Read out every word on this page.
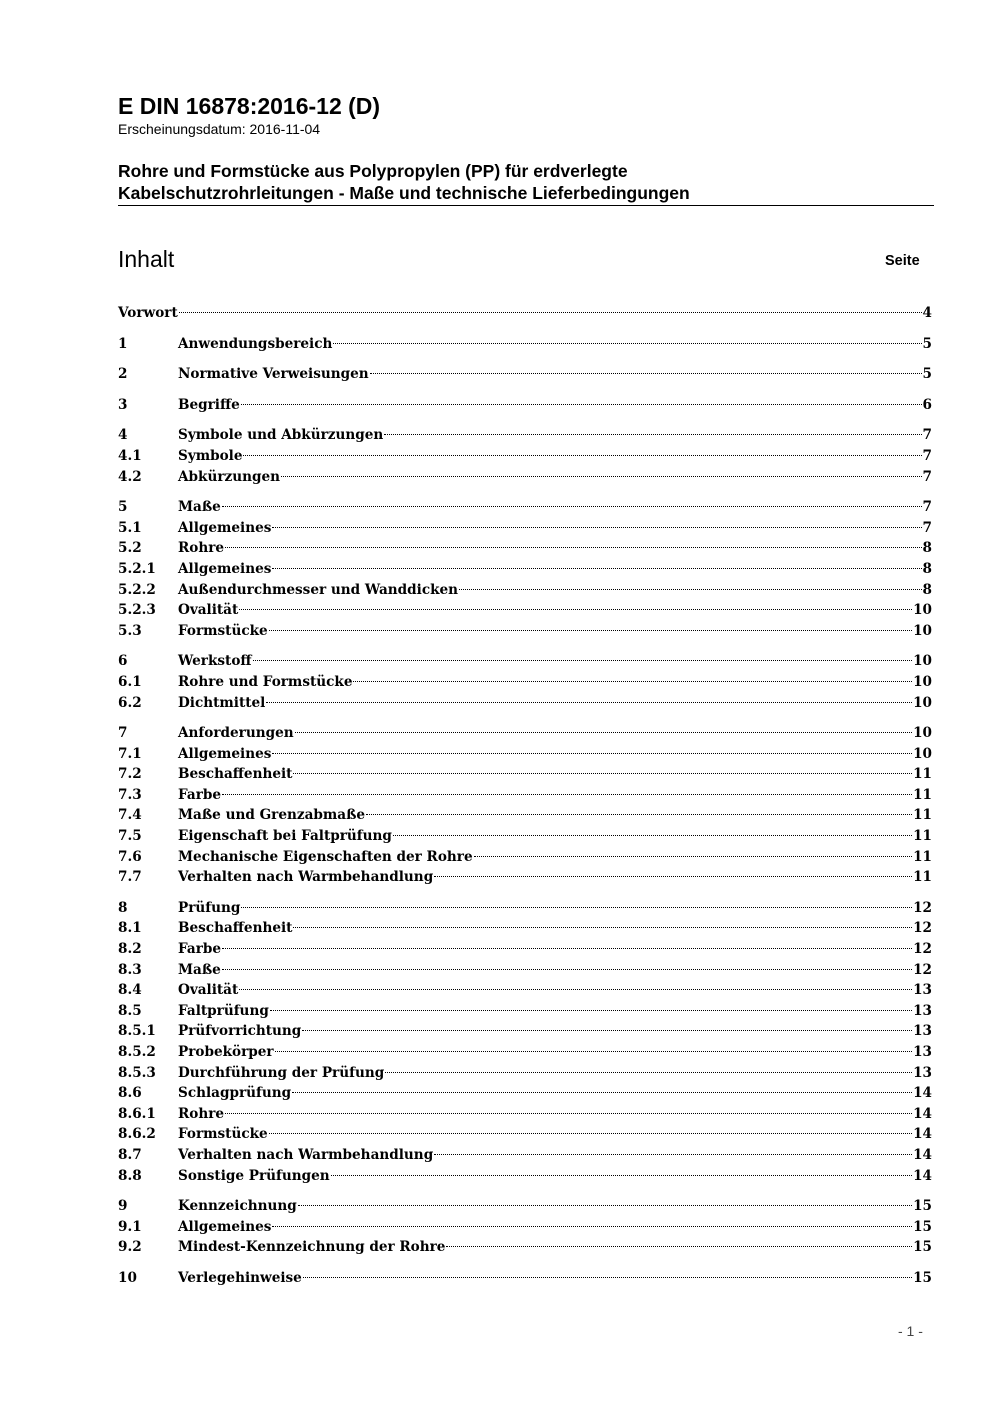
E DIN 16878:2016-12 (D)
Erscheinungsdatum: 2016-11-04
Rohre und Formstücke aus Polypropylen (PP) für erdverlegte
Kabelschutzrohrleitungen - Maße und technische Lieferbedingungen
Inhalt	Seite
Vorwort	4
1	Anwendungsbereich	5
2	Normative Verweisungen	5
3	Begriffe	6
4	Symbole und Abkürzungen	7
4.1	Symbole	7
4.2	Abkürzungen	7
5	Maße	7
5.1	Allgemeines	7
5.2	Rohre	8
5.2.1 Allgemeines	8
5.2.2 Außendurchmesser und Wanddicken	8
5.2.3 Ovalität	10
5.3	Formstücke	10
6	Werkstoff	10
6.1	Rohre und Formstücke	10
6.2	Dichtmittel	10
7	Anforderungen	10
7.1	Allgemeines	10
7.2	Beschaffenheit	11
7.3	Farbe	11
7.4	Maße und Grenzabmaße	11
7.5	Eigenschaft bei Faltprüfung	11
7.6	Mechanische Eigenschaften der Rohre	11
7.7	Verhalten nach Warmbehandlung	11
8	Prüfung	12
8.1	Beschaffenheit	12
8.2	Farbe	12
8.3	Maße	12
8.4	Ovalität	13
8.5	Faltprüfung	13
8.5.1 Prüfvorrichtung	13
8.5.2 Probekörper	13
8.5.3 Durchführung der Prüfung	13
8.6	Schlagprüfung	14
8.6.1 Rohre	14
8.6.2 Formstücke	14
8.7	Verhalten nach Warmbehandlung	14
8.8	Sonstige Prüfungen	14
9	Kennzeichnung	15
9.1	Allgemeines	15
9.2	Mindest-Kennzeichnung der Rohre	15
10	Verlegehinweise	15
- 1 -
